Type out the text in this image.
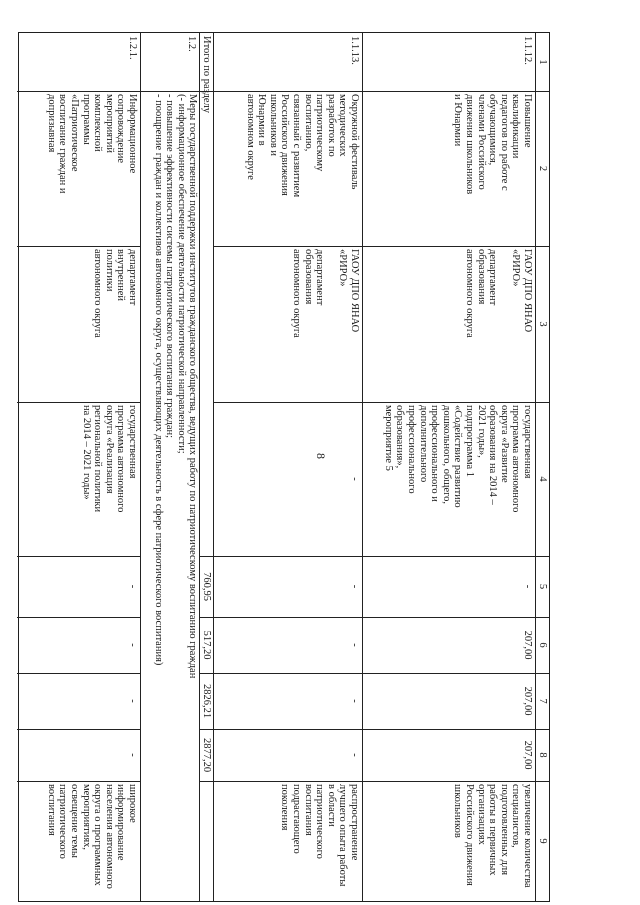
8
1
2
3
4
5
6
7
8
9
1.1.12.
Повышение
квалификации
педагогов по работе с
обучающимися,
членами Российского
движения школьников
и Юнармии
ГАОУ ДПО ЯНАО
«РИРО»

департамент
образования
автономного округа
государственная
программа автономного
округа «Развитие
образования на 2014 –
2021 годы»,
подпрограмма 1
«Содействие развитию
дошкольного, общего,
профессионального и
дополнительного
профессионального
образования»,
мероприятие 5
-
207,00
207,00
207,00
увеличение количества
специалистов,
подготовленных для
работы в первичных
организациях
Российского движения
школьников
1.1.13.
Окружной фестиваль
методических
разработок по
патриотическому
воспитанию,
связанный с развитием
Российского движения
школьников и
Юнармии в
автономном округе
ГАОУ ДПО ЯНАО
«РИРО»

департамент
образования
автономного округа
-
-
-
-
-
распространение
лучшего опыта работы
в области
патриотического
воспитания
подрастающего
поколения
Итого по разделу
760,95
517,20
2826,21
2877,20
1.2.
Меры государственной поддержки институтов гражданского общества, ведущих работу по патриотическому воспитанию граждан
(- информационное обеспечение деятельности патриотической направленности;
- повышение эффективности системы патриотического воспитания граждан;
- поощрение граждан и коллективов автономного округа, осуществляющих деятельность в сфере патриотического воспитания)
1.2.1.
Информационное
сопровождение
мероприятий
комплексной
программы
«Патриотическое
воспитание граждан и
допризывная
департамент
внутренней
политики
автономного округа
государственная
программа автономного
округа «Реализация
региональной политики
на 2014 – 2021 годы»
-
-
-
-
широкое
информирование
населения автономного
округа о программных
мероприятиях,
освещение темы
патриотического
воспитания
